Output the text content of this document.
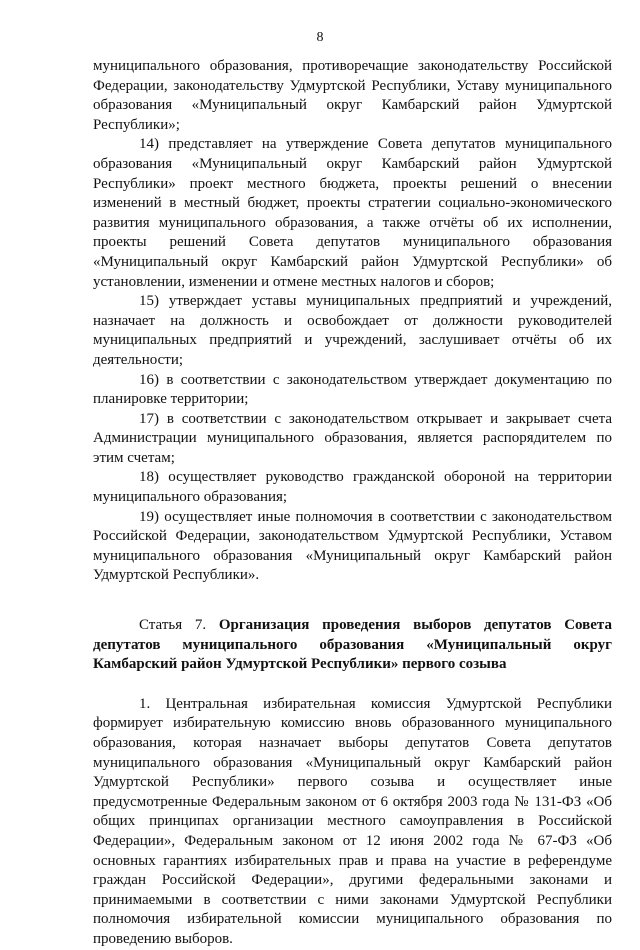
8

муниципального образования, противоречащие законодательству Российской Федерации, законодательству Удмуртской Республики, Уставу муниципального образования «Муниципальный округ Камбарский район Удмуртской Республики»;

14) представляет на утверждение Совета депутатов муниципального образования «Муниципальный округ Камбарский район Удмуртской Республики» проект местного бюджета, проекты решений о внесении изменений в местный бюджет, проекты стратегии социально-экономического развития муниципального образования, а также отчёты об их исполнении, проекты решений Совета депутатов муниципального образования «Муниципальный округ Камбарский район Удмуртской Республики» об установлении, изменении и отмене местных налогов и сборов;

15) утверждает уставы муниципальных предприятий и учреждений, назначает на должность и освобождает от должности руководителей муниципальных предприятий и учреждений, заслушивает отчёты об их деятельности;

16) в соответствии с законодательством утверждает документацию по планировке территории;

17) в соответствии с законодательством открывает и закрывает счета Администрации муниципального образования, является распорядителем по этим счетам;

18) осуществляет руководство гражданской обороной на территории муниципального образования;

19) осуществляет иные полномочия в соответствии с законодательством Российской Федерации, законодательством Удмуртской Республики, Уставом муниципального образования «Муниципальный округ Камбарский район Удмуртской Республики».

Статья 7. Организация проведения выборов депутатов Совета депутатов муниципального образования «Муниципальный округ Камбарский район Удмуртской Республики» первого созыва

1. Центральная избирательная комиссия Удмуртской Республики формирует избирательную комиссию вновь образованного муниципального образования, которая назначает выборы депутатов Совета депутатов муниципального образования «Муниципальный округ Камбарский район Удмуртской Республики» первого созыва и осуществляет иные предусмотренные Федеральным законом от 6 октября 2003 года № 131-ФЗ «Об общих принципах организации местного самоуправления в Российской Федерации», Федеральным законом от 12 июня 2002 года № 67-ФЗ «Об основных гарантиях избирательных прав и права на участие в референдуме граждан Российской Федерации», другими федеральными законами и принимаемыми в соответствии с ними законами Удмуртской Республики полномочия избирательной комиссии муниципального образования по проведению выборов.
